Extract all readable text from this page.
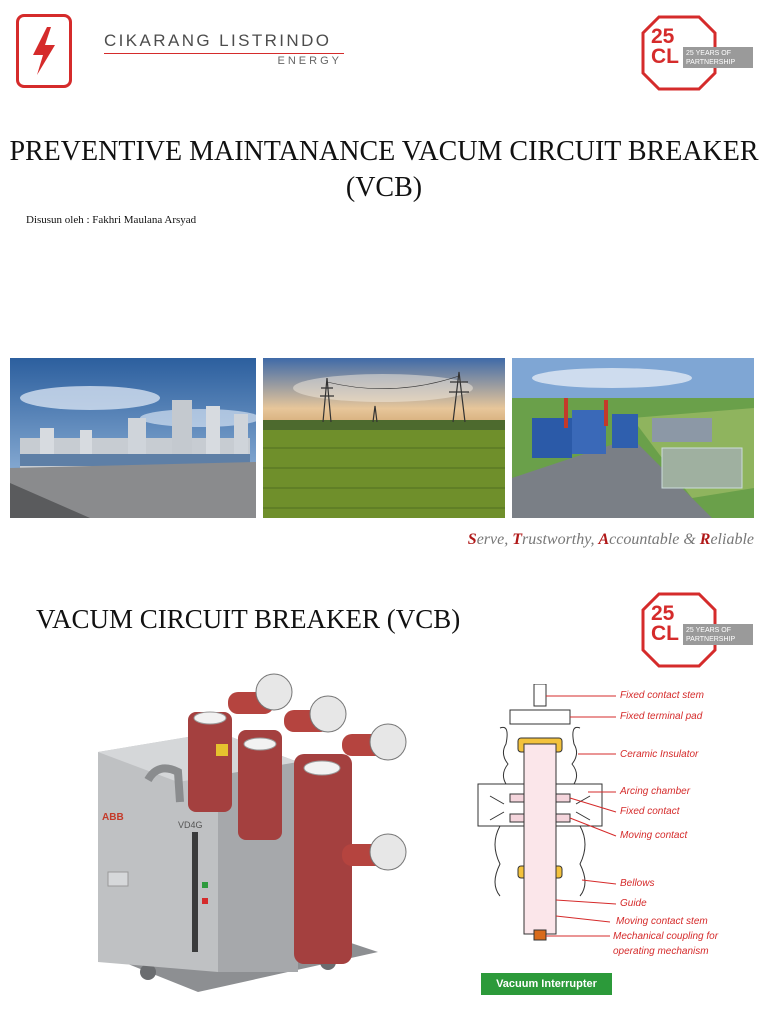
CIKARANG LISTRINDO
ENERGY
25
CL	25 YEARS OF PARTNERSHIP
PREVENTIVE MAINTANANCE VACUM CIRCUIT BREAKER (VCB)
Disusun oleh : Fakhri Maulana Arsyad
Serve, Trustworthy, Accountable & Reliable
VACUM CIRCUIT BREAKER (VCB)	25
CL	25 YEARS OF PARTNERSHIP
ABB
VD4G
Fixed contact stem
Fixed terminal pad
Ceramic Insulator
Arcing chamber
Fixed contact
Moving contact
Bellows
Guide
Moving contact stem
Mechanical coupling for
operating mechanism
Vacuum Interrupter
